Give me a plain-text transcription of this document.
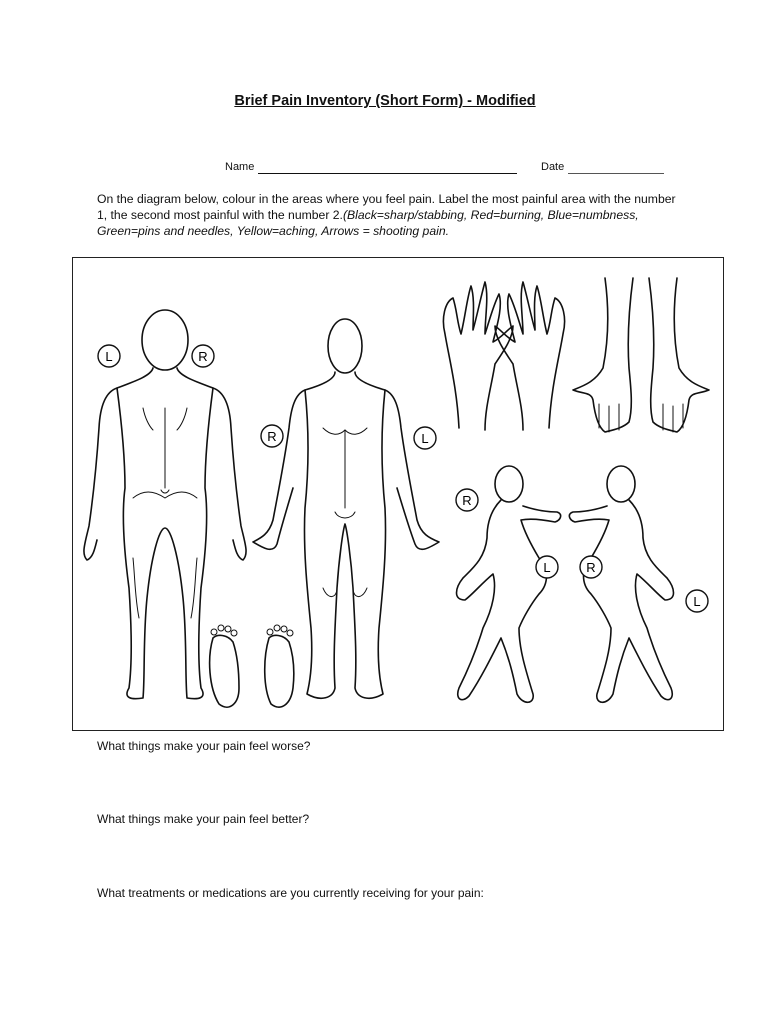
Brief Pain Inventory (Short Form) - Modified
Name	Date
On the diagram below, colour in the areas where you feel pain. Label the most painful area with the number 1, the second most painful with the number 2.(Black=sharp/stabbing, Red=burning, Blue=numbness, Green=pins and needles, Yellow=aching, Arrows = shooting pain.
L	R
R	L
R
L	R
L
What things make your pain feel worse?
What things make your pain feel better?
What treatments or medications are you currently receiving for your pain:
